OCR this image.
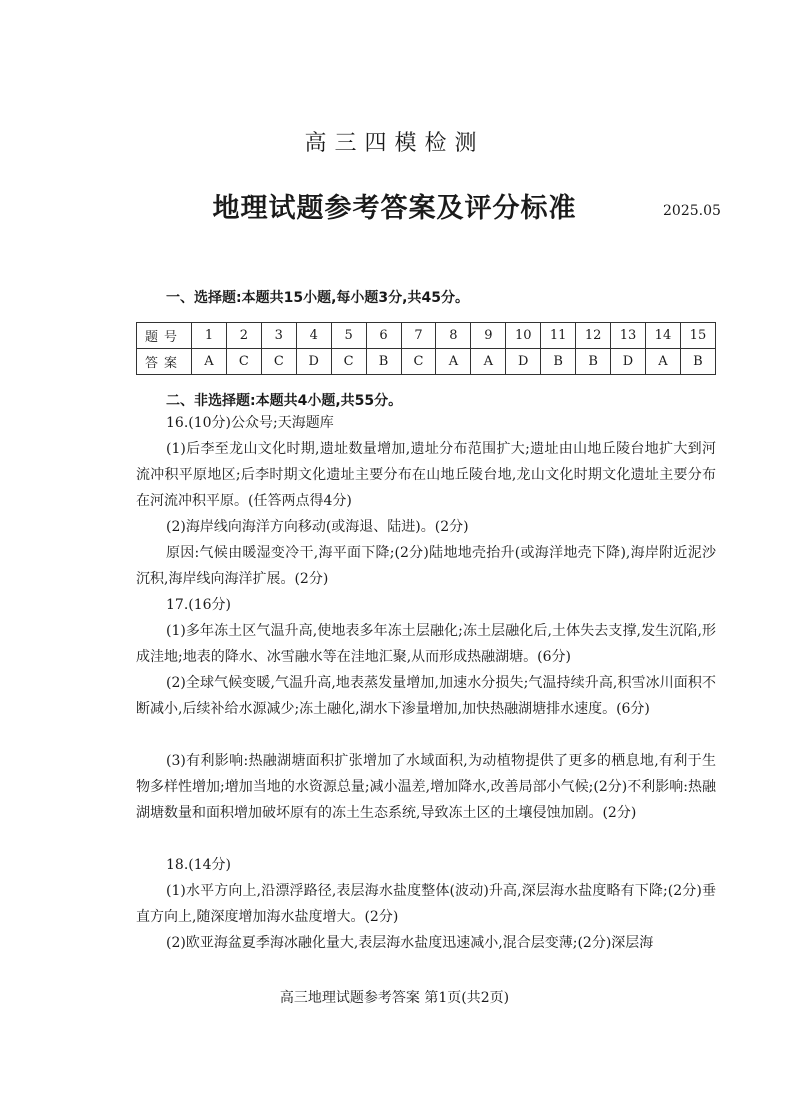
高三四模检测
地理试题参考答案及评分标准	2025.05
一、选择题:本题共15小题,每小题3分,共45分。
题号	1	2	3	4	5	6	7	8	9	10	11	12	13	14	15
答案	A	C	C	D	C	B	C	A	A	D	B	B	D	A	B
二、非选择题:本题共4小题,共55分。

16.(10分)公众号;天海题库

(1)后李至龙山文化时期,遗址数量增加,遗址分布范围扩大;遗址由山地丘陵台地扩大到河流冲积平原地区;后李时期文化遗址主要分布在山地丘陵台地,龙山文化时期文化遗址主要分布在河流冲积平原。(任答两点得4分)

(2)海岸线向海洋方向移动(或海退、陆进)。(2分)

原因:气候由暖湿变冷干,海平面下降;(2分)陆地地壳抬升(或海洋地壳下降),海岸附近泥沙沉积,海岸线向海洋扩展。(2分)

17.(16分)

(1)多年冻土区气温升高,使地表多年冻土层融化;冻土层融化后,土体失去支撑,发生沉陷,形成洼地;地表的降水、冰雪融水等在洼地汇聚,从而形成热融湖塘。(6分)

(2)全球气候变暖,气温升高,地表蒸发量增加,加速水分损失;气温持续升高,积雪冰川面积不断减小,后续补给水源减少;冻土融化,湖水下渗量增加,加快热融湖塘排水速度。(6分)

(3)有利影响:热融湖塘面积扩张增加了水域面积,为动植物提供了更多的栖息地,有利于生物多样性增加;增加当地的水资源总量;减小温差,增加降水,改善局部小气候;(2分)不利影响:热融湖塘数量和面积增加破坏原有的冻土生态系统,导致冻土区的土壤侵蚀加剧。(2分)

18.(14分)

(1)水平方向上,沿漂浮路径,表层海水盐度整体(波动)升高,深层海水盐度略有下降;(2分)垂直方向上,随深度增加海水盐度增大。(2分)

(2)欧亚海盆夏季海冰融化量大,表层海水盐度迅速减小,混合层变薄;(2分)深层海

高三地理试题参考答案 第1页(共2页)
